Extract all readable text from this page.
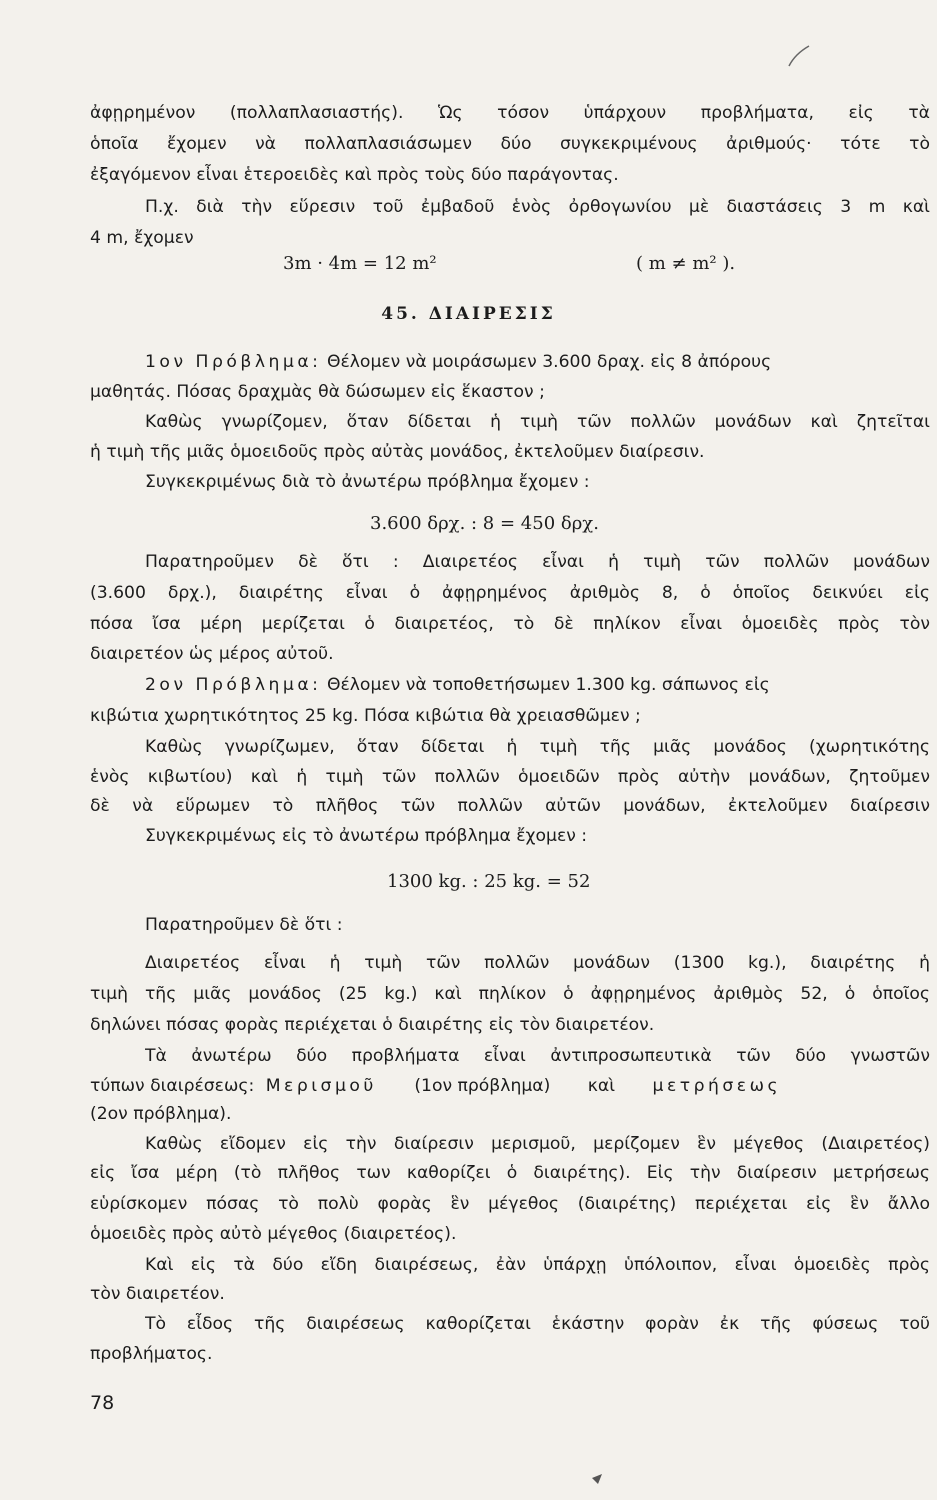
ἀφῃρημένον (πολλαπλασιαστής). Ὡς τόσον ὑπάρχουν προβλήματα, εἰς τὰ
ὁποῖα ἔχομεν νὰ πολλαπλασιάσωμεν δύο συγκεκριμένους ἀριθμούς· τότε τὸ
ἐξαγόμενον εἶναι ἑτεροειδὲς καὶ πρὸς τοὺς δύο παράγοντας.
Π.χ. διὰ τὴν εὕρεσιν τοῦ ἐμβαδοῦ ἑνὸς ὀρθογωνίου μὲ διαστάσεις 3 m καὶ
4 m, ἔχομεν
3m · 4m = 12 m²	( m ≠ m² ).
45. ΔΙΑΙΡΕΣΙΣ
1ον Πρόβλημα: Θέλομεν νὰ μοιράσωμεν 3.600 δραχ. εἰς 8 ἀπόρους
μαθητάς. Πόσας δραχμὰς θὰ δώσωμεν εἰς ἕκαστον ;
Καθὼς γνωρίζομεν, ὅταν δίδεται ἡ τιμὴ τῶν πολλῶν μονάδων καὶ ζητεῖται
ἡ τιμὴ τῆς μιᾶς ὁμοειδοῦς πρὸς αὐτὰς μονάδος, ἐκτελοῦμεν διαίρεσιν.
Συγκεκριμένως διὰ τὸ ἀνωτέρω πρόβλημα ἔχομεν :
3.600 δρχ. : 8 = 450 δρχ.
Παρατηροῦμεν δὲ ὅτι : Διαιρετέος εἶναι ἡ τιμὴ τῶν πολλῶν μονάδων
(3.600 δρχ.), διαιρέτης εἶναι ὁ ἀφῃρημένος ἀριθμὸς 8, ὁ ὁποῖος δεικνύει εἰς
πόσα ἴσα μέρη μερίζεται ὁ διαιρετέος, τὸ δὲ πηλίκον εἶναι ὁμοειδὲς πρὸς τὸν
διαιρετέον ὡς μέρος αὐτοῦ.
2ον Πρόβλημα: Θέλομεν νὰ τοποθετήσωμεν 1.300 kg. σάπωνος εἰς
κιβώτια χωρητικότητος 25 kg. Πόσα κιβώτια θὰ χρειασθῶμεν ;
Καθὼς γνωρίζωμεν, ὅταν δίδεται ἡ τιμὴ τῆς μιᾶς μονάδος (χωρητικότης
ἑνὸς κιβωτίου) καὶ ἡ τιμὴ τῶν πολλῶν ὁμοειδῶν πρὸς αὐτὴν μονάδων, ζητοῦμεν
δὲ νὰ εὕρωμεν τὸ πλῆθος τῶν πολλῶν αὐτῶν μονάδων, ἐκτελοῦμεν διαίρεσιν
Συγκεκριμένως εἰς τὸ ἀνωτέρω πρόβλημα ἔχομεν :
1300 kg. : 25 kg. = 52
Παρατηροῦμεν δὲ ὅτι :
Διαιρετέος εἶναι ἡ τιμὴ τῶν πολλῶν μονάδων (1300 kg.), διαιρέτης ἡ
τιμὴ τῆς μιᾶς μονάδος (25 kg.) καὶ πηλίκον ὁ ἀφῃρημένος ἀριθμὸς 52, ὁ ὁποῖος
δηλώνει πόσας φορὰς περιέχεται ὁ διαιρέτης εἰς τὸν διαιρετέον.
Τὰ ἀνωτέρω δύο προβλήματα εἶναι ἀντιπροσωπευτικὰ τῶν δύο γνωστῶν
τύπων διαιρέσεως: Μερισμοῦ (1ον πρόβλημα) καὶ μετρήσεως
(2ον πρόβλημα).
Καθὼς εἴδομεν εἰς τὴν διαίρεσιν μερισμοῦ, μερίζομεν ἓν μέγεθος (Διαιρετέος)
εἰς ἴσα μέρη (τὸ πλῆθος των καθορίζει ὁ διαιρέτης). Εἰς τὴν διαίρεσιν μετρήσεως
εὑρίσκομεν πόσας τὸ πολὺ φορὰς ἓν μέγεθος (διαιρέτης) περιέχεται εἰς ἓν ἄλλο
ὁμοειδὲς πρὸς αὐτὸ μέγεθος (διαιρετέος).
Καὶ εἰς τὰ δύο εἴδη διαιρέσεως, ἐὰν ὑπάρχῃ ὑπόλοιπον, εἶναι ὁμοειδὲς πρὸς
τὸν διαιρετέον.
Τὸ εἶδος τῆς διαιρέσεως καθορίζεται ἑκάστην φορὰν ἐκ τῆς φύσεως τοῦ
προβλήματος.
78
